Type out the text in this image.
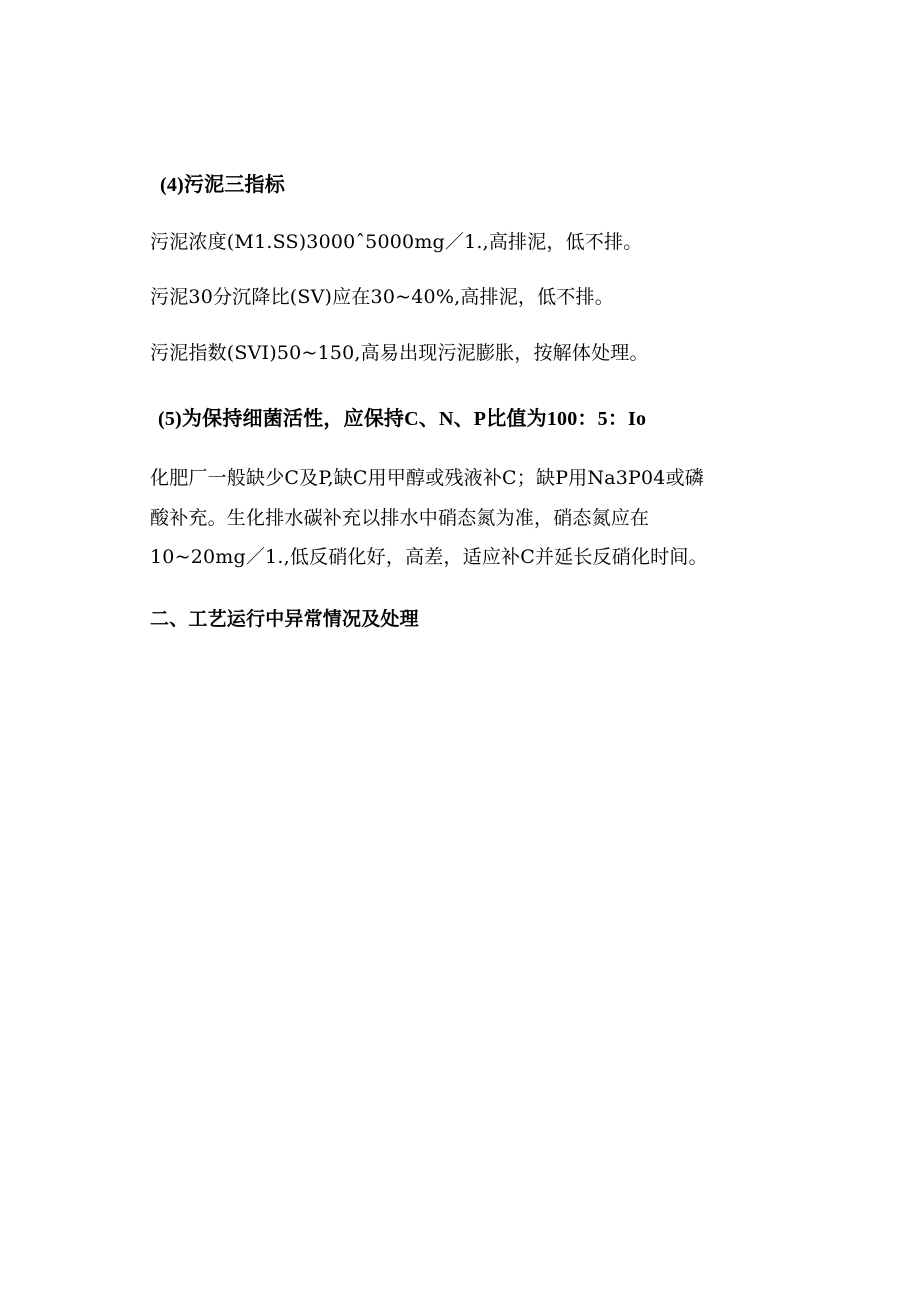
(4)污泥三指标
污泥浓度(M1.SS)3000ˆ5000mg／1.,高排泥，低不排。
污泥30分沉降比(SV)应在30~40%,高排泥，低不排。
污泥指数(SVI)50~150,高易出现污泥膨胀，按解体处理。
(5)为保持细菌活性，应保持C、N、P比值为100：5：Io
化肥厂一般缺少C及P,缺C用甲醇或残液补C；缺P用Na3P04或磷
酸补充。生化排水碳补充以排水中硝态氮为准，硝态氮应在
10~20mg／1.,低反硝化好，高差，适应补C并延长反硝化时间。
二、工艺运行中异常情况及处理
